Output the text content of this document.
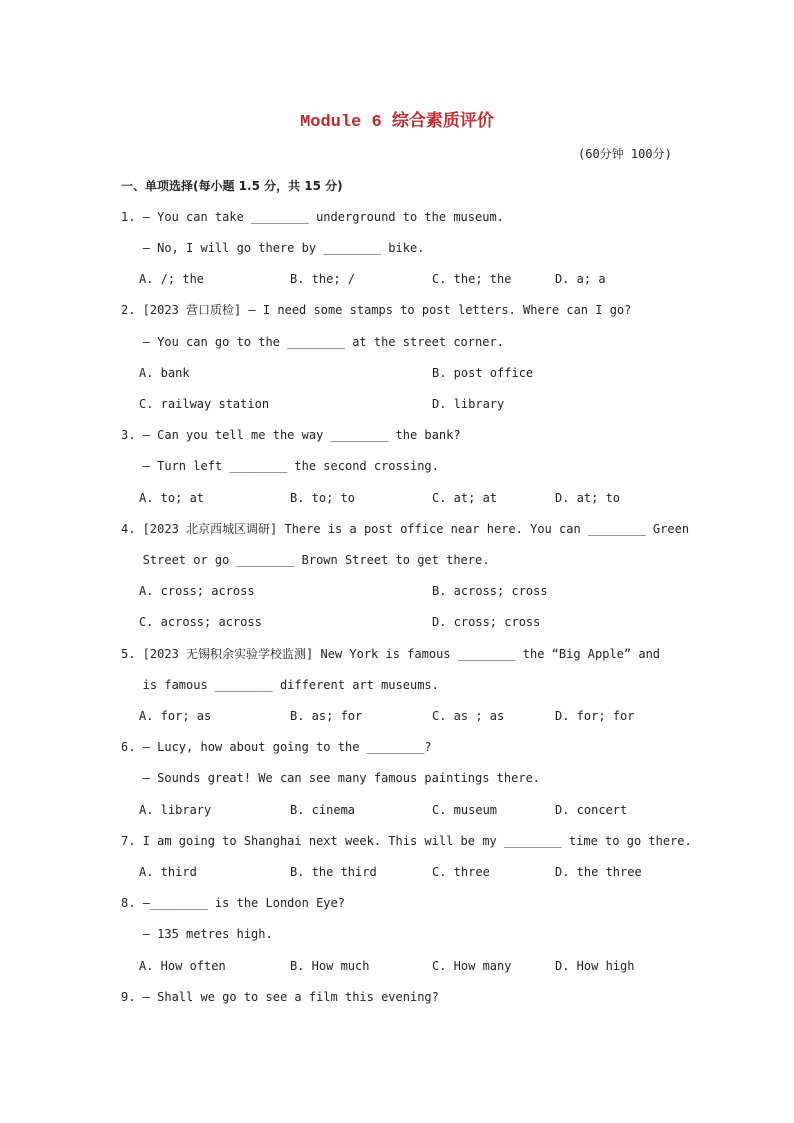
Module 6 综合素质评价
(60分钟 100分)
一、单项选择(每小题 1.5 分，共 15 分)
1. — You can take ________ underground to the museum.
— No, I will go there by ________ bike.
A. /; the	B. the; /	C. the; the	D. a; a
2. [2023 营口质检] — I need some stamps to post letters. Where can I go?
— You can go to the ________ at the street corner.
A. bank	B. post office
C. railway station	D. library
3. — Can you tell me the way ________ the bank?
— Turn left ________ the second crossing.
A. to; at	B. to; to	C. at; at	D. at; to
4. [2023 北京西城区调研] There is a post office near here. You can ________ Green
Street or go ________ Brown Street to get there.
A. cross; across	B. across; cross
C. across; across	D. cross; cross
5. [2023 无锡积余实验学校监测] New York is famous ________ the “Big Apple” and
is famous ________ different art museums.
A. for; as	B. as; for	C. as ; as	D. for; for
6. — Lucy, how about going to the ________?
— Sounds great! We can see many famous paintings there.
A. library	B. cinema	C. museum	D. concert
7. I am going to Shanghai next week. This will be my ________ time to go there.
A. third	B. the third	C. three	D. the three
8. —________ is the London Eye?
— 135 metres high.
A. How often	B. How much	C. How many	D. How high
9. — Shall we go to see a film this evening?
